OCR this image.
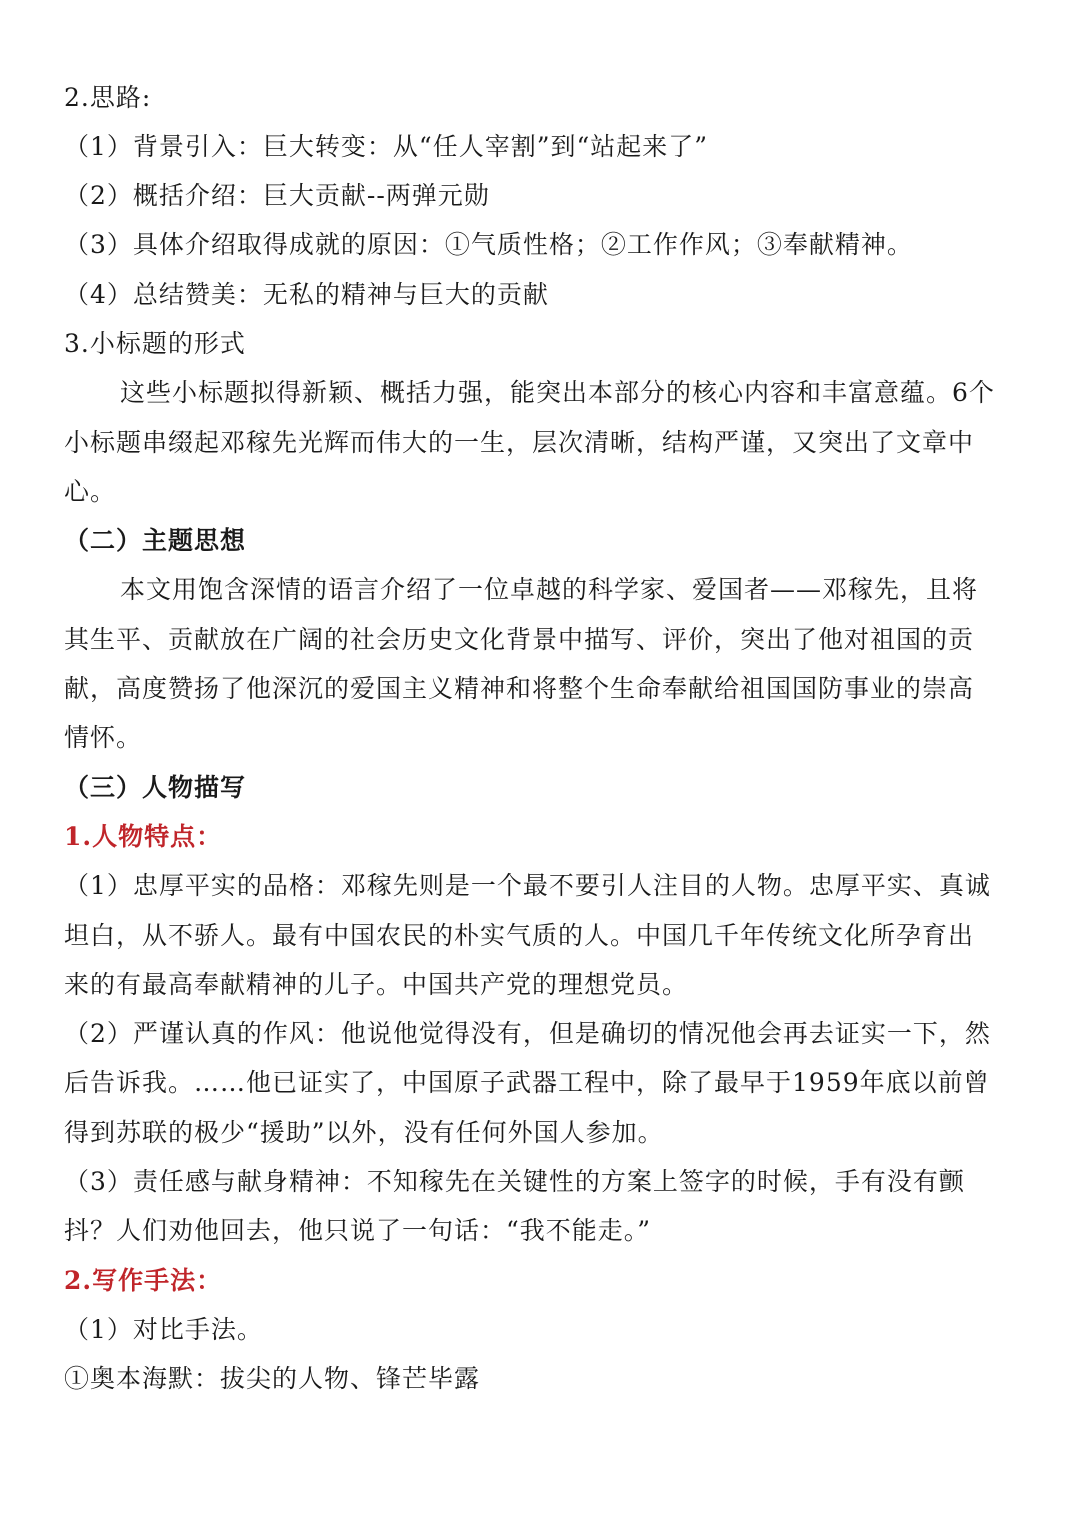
2.思路:
（1）背景引入：巨大转变：从“任人宰割”到“站起来了”
（2）概括介绍：巨大贡献--两弹元勋
（3）具体介绍取得成就的原因：①气质性格；②工作作风；③奉献精神。
（4）总结赞美：无私的精神与巨大的贡献
3.小标题的形式
这些小标题拟得新颖、概括力强，能突出本部分的核心内容和丰富意蕴。6个
小标题串缀起邓稼先光辉而伟大的一生，层次清晰，结构严谨，又突出了文章中
心。
（二）主题思想
本文用饱含深情的语言介绍了一位卓越的科学家、爱国者——邓稼先，且将
其生平、贡献放在广阔的社会历史文化背景中描写、评价，突出了他对祖国的贡
献，高度赞扬了他深沉的爱国主义精神和将整个生命奉献给祖国国防事业的崇高
情怀。
（三）人物描写
1.人物特点：
（1）忠厚平实的品格：邓稼先则是一个最不要引人注目的人物。忠厚平实、真诚
坦白，从不骄人。最有中国农民的朴实气质的人。中国几千年传统文化所孕育出
来的有最高奉献精神的儿子。中国共产党的理想党员。
（2）严谨认真的作风：他说他觉得没有，但是确切的情况他会再去证实一下，然
后告诉我。……他已证实了，中国原子武器工程中，除了最早于1959年底以前曾
得到苏联的极少“援助”以外，没有任何外国人参加。
（3）责任感与献身精神：不知稼先在关键性的方案上签字的时候，手有没有颤
抖？人们劝他回去，他只说了一句话：“我不能走。”
2.写作手法：
（1）对比手法。
①奥本海默：拔尖的人物、锋芒毕露
